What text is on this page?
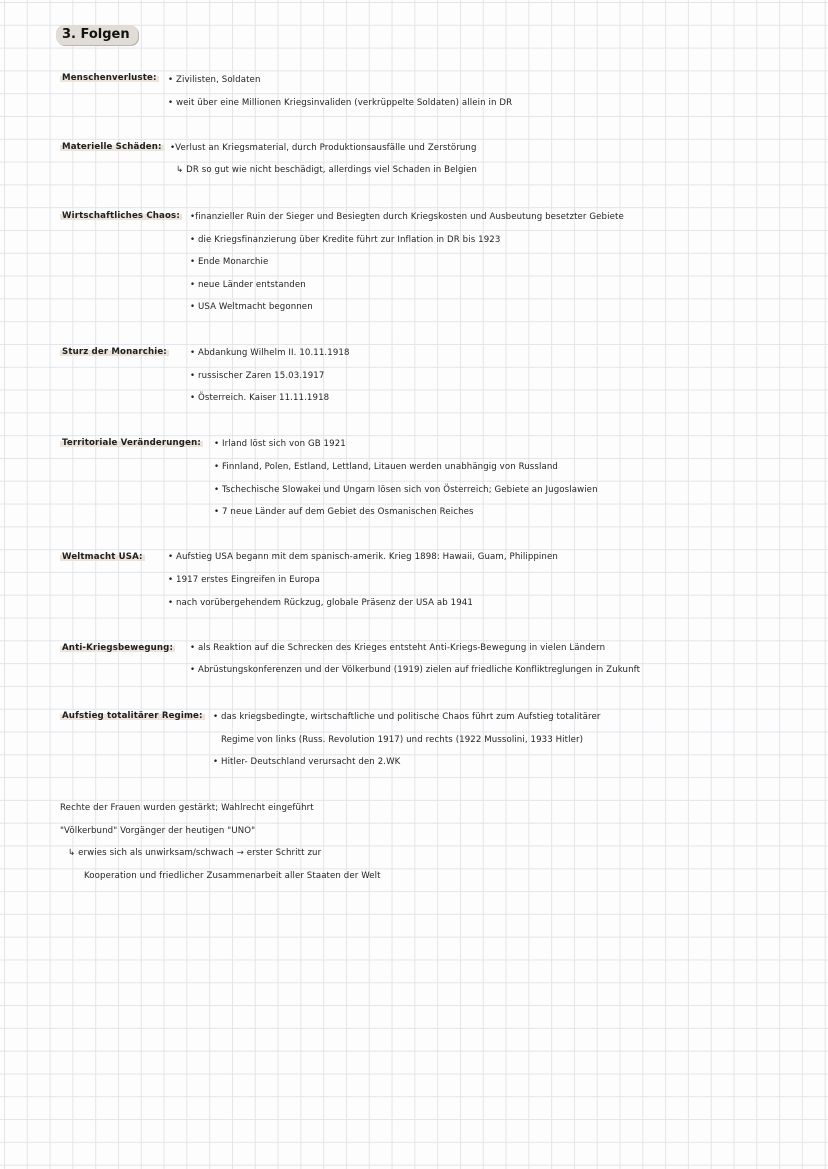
3. Folgen
Menschenverluste: • Zivilisten, Soldaten
• weit über eine Millionen Kriegsinvaliden (verkrüppelte Soldaten) allein in DR
Materielle Schäden: •Verlust an Kriegsmaterial, durch Produktionsausfälle und Zerstörung
↳ DR so gut wie nicht beschädigt, allerdings viel Schaden in Belgien
Wirtschaftliches Chaos: •finanzieller Ruin der Sieger und Besiegten durch Kriegskosten und Ausbeutung besetzter Gebiete
• die Kriegsfinanzierung über Kredite führt zur Inflation in DR bis 1923
• Ende Monarchie
• neue Länder entstanden
• USA Weltmacht begonnen
Sturz der Monarchie:	• Abdankung Wilhelm II. 10.11.1918
• russischer Zaren 15.03.1917
• Österreich. Kaiser 11.11.1918
Territoriale Veränderungen: • Irland löst sich von GB 1921
• Finnland, Polen, Estland, Lettland, Litauen werden unabhängig von Russland
• Tschechische Slowakei und Ungarn lösen sich von Österreich; Gebiete an Jugoslawien
• 7 neue Länder auf dem Gebiet des Osmanischen Reiches
Weltmacht USA:	• Aufstieg USA begann mit dem spanisch-amerik. Krieg 1898: Hawaii, Guam, Philippinen
• 1917 erstes Eingreifen in Europa
• nach vorübergehendem Rückzug, globale Präsenz der USA ab 1941
Anti-Kriegsbewegung: • als Reaktion auf die Schrecken des Krieges entsteht Anti-Kriegs-Bewegung in vielen Ländern
• Abrüstungskonferenzen und der Völkerbund (1919) zielen auf friedliche Konfliktreglungen in Zukunft
Aufstieg totalitärer Regime: • das kriegsbedingte, wirtschaftliche und politische Chaos führt zum Aufstieg totalitärer
Regime von links (Russ. Revolution 1917) und rechts (1922 Mussolini, 1933 Hitler)
• Hitler- Deutschland verursacht den 2.WK
Rechte der Frauen wurden gestärkt; Wahlrecht eingeführt
"Völkerbund" Vorgänger der heutigen "UNO"
↳ erwies sich als unwirksam/schwach → erster Schritt zur
Kooperation und friedlicher Zusammenarbeit aller Staaten der Welt
